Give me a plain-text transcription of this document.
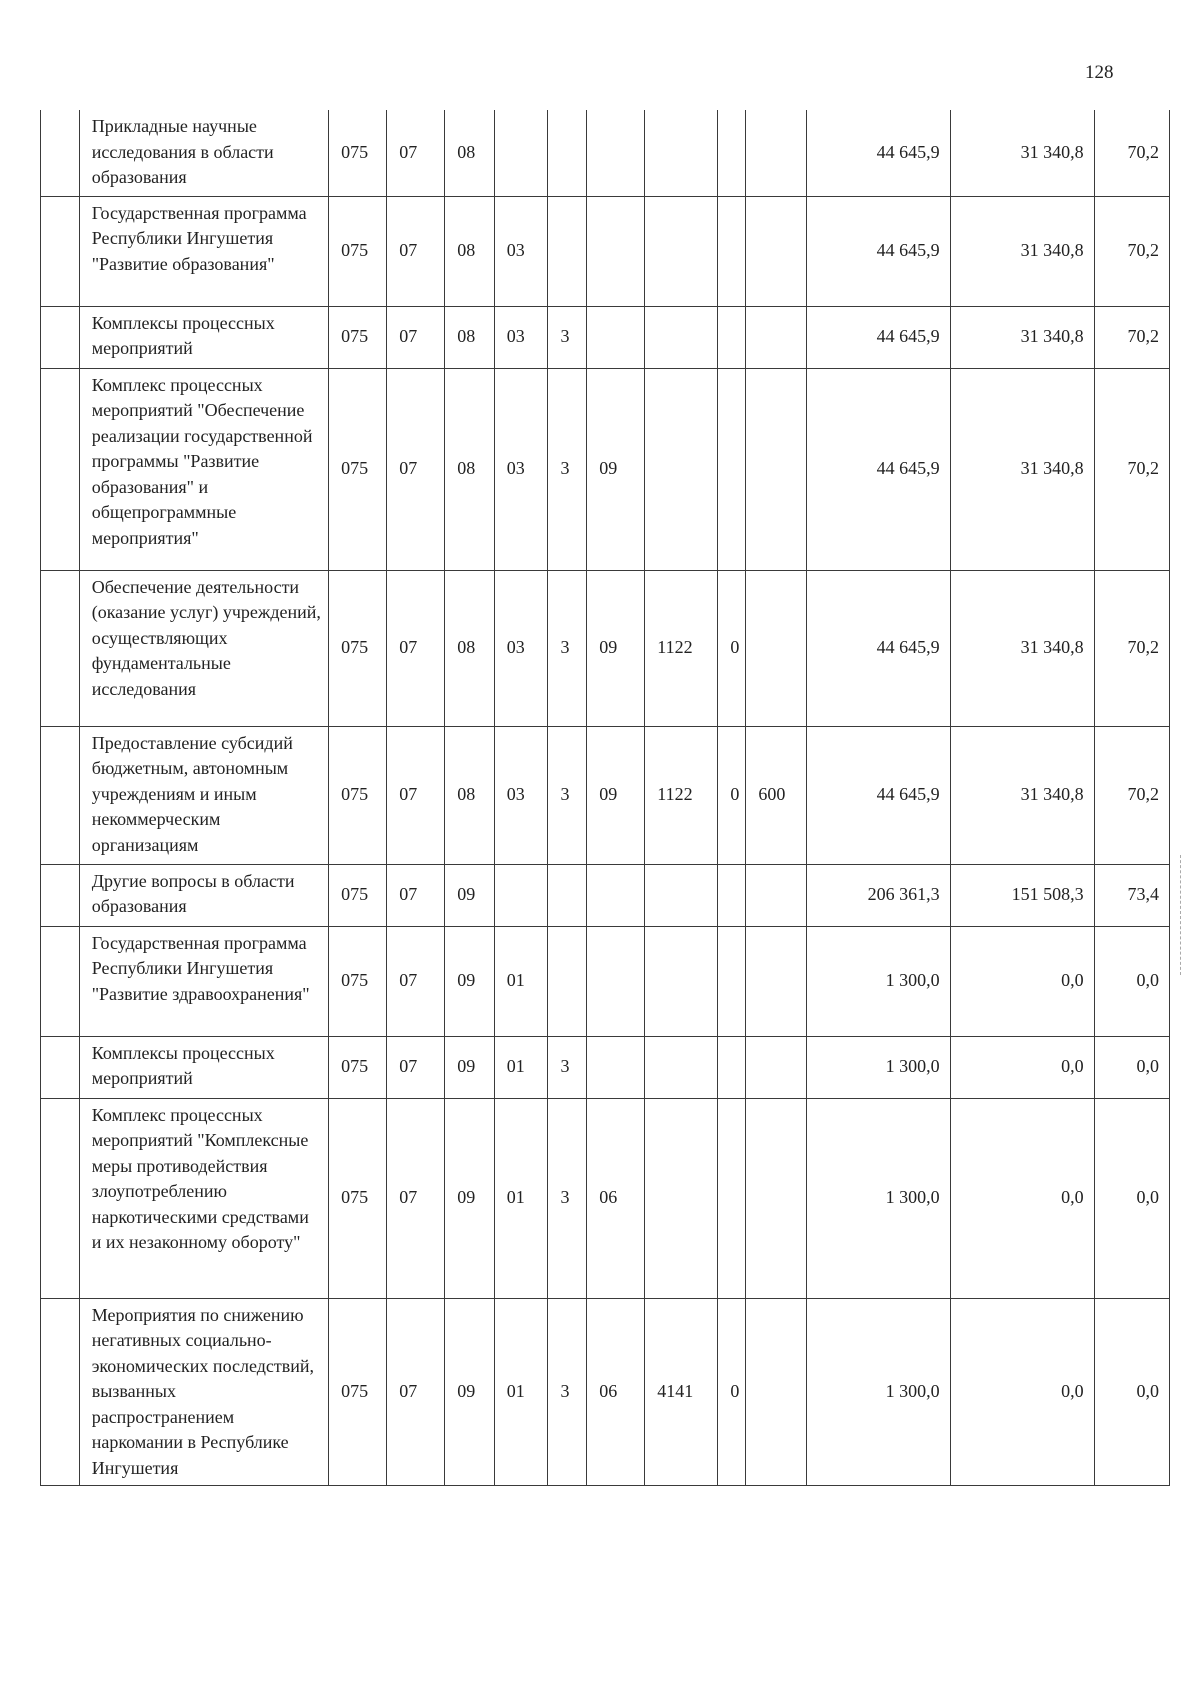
128
	Прикладные научные исследования в области образования	075	07	08							44 645,9	31 340,8	70,2
	Государственная программа Республики Ингушетия "Развитие образования"	075	07	08	03						44 645,9	31 340,8	70,2
	Комплексы процессных мероприятий	075	07	08	03	3					44 645,9	31 340,8	70,2
	Комплекс процессных мероприятий "Обеспечение реализации государственной программы "Развитие образования" и общепрограммные мероприятия"	075	07	08	03	3	09				44 645,9	31 340,8	70,2
	Обеспечение деятельности (оказание услуг) учреждений, осуществляющих фундаментальные исследования	075	07	08	03	3	09	1122	0		44 645,9	31 340,8	70,2
	Предоставление субсидий бюджетным, автономным учреждениям и иным некоммерческим организациям	075	07	08	03	3	09	1122	0	600	44 645,9	31 340,8	70,2
	Другие вопросы в области образования	075	07	09							206 361,3	151 508,3	73,4
	Государственная программа Республики Ингушетия "Развитие здравоохранения"	075	07	09	01						1 300,0	0,0	0,0
	Комплексы процессных мероприятий	075	07	09	01	3					1 300,0	0,0	0,0
	Комплекс процессных мероприятий "Комплексные меры противодействия злоупотреблению наркотическими средствами и их незаконному обороту"	075	07	09	01	3	06				1 300,0	0,0	0,0
	Мероприятия по снижению негативных социально-экономических последствий, вызванных распространением наркомании в Республике Ингушетия	075	07	09	01	3	06	4141	0		1 300,0	0,0	0,0
